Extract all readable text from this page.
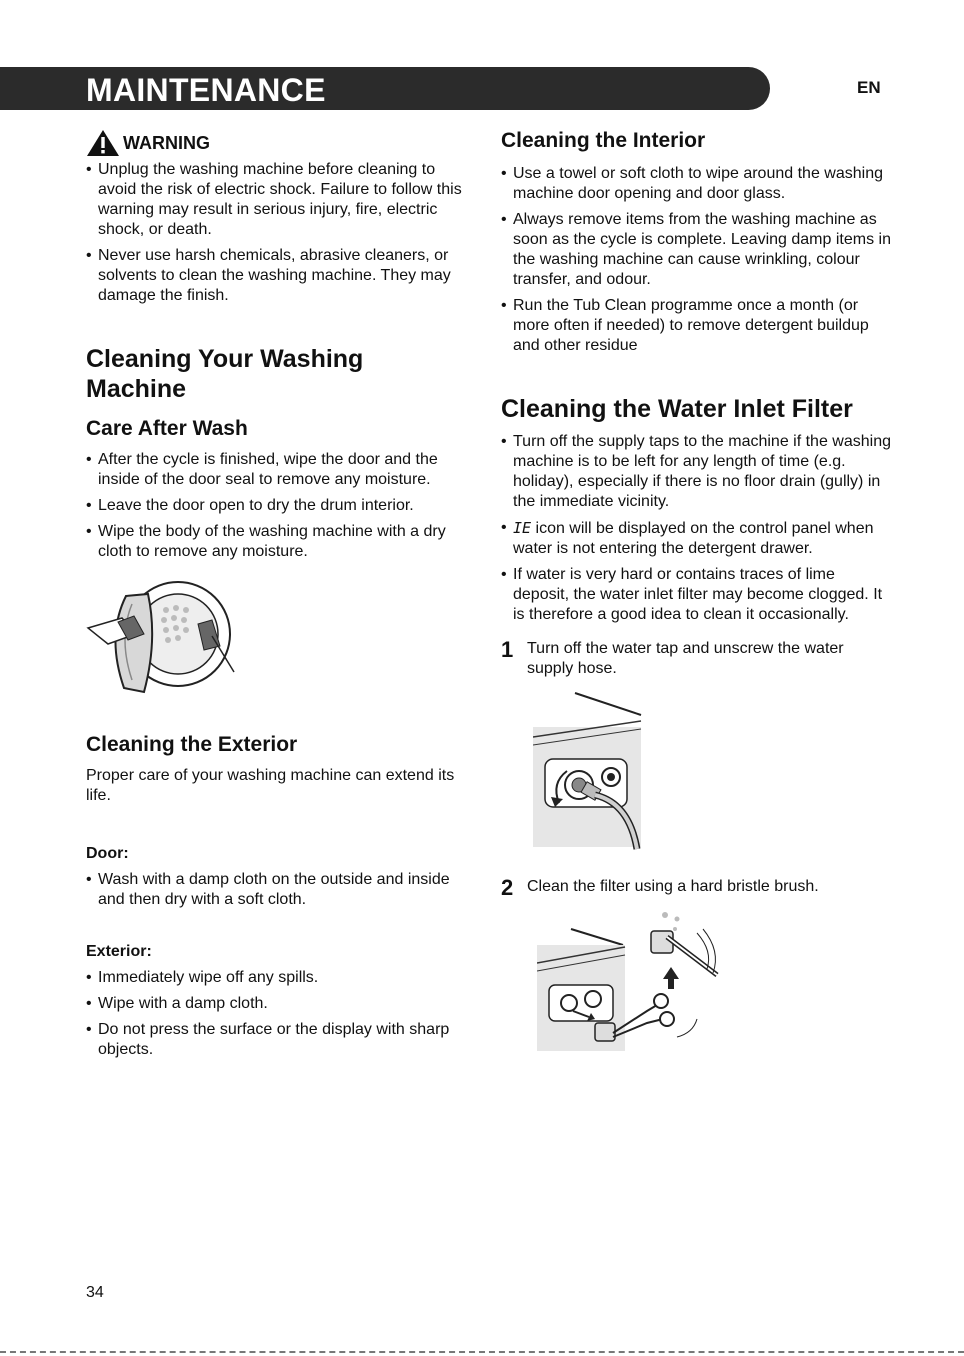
MAINTENANCE	EN
WARNING
• Unplug the washing machine before cleaning to avoid the risk of electric shock. Failure to follow this warning may result in serious injury, fire, electric shock, or death.
• Never use harsh chemicals, abrasive cleaners, or solvents to clean the washing machine. They may damage the finish.
Cleaning Your Washing
Machine
Care After Wash
• After the cycle is finished, wipe the door and the inside of the door seal to remove any moisture.
• Leave the door open to dry the drum interior.
• Wipe the body of the washing machine with a dry cloth to remove any moisture.
Cleaning the Exterior

Proper care of your washing machine can extend its life.

Door:
• Wash with a damp cloth on the outside and inside and then dry with a soft cloth.
Exterior:
• Immediately wipe off any spills.
• Wipe with a damp cloth.
• Do not press the surface or the display with sharp objects.
Cleaning the Interior
• Use a towel or soft cloth to wipe around the washing machine door opening and door glass.
• Always remove items from the washing machine as soon as the cycle is complete. Leaving damp items in the washing machine can cause wrinkling, colour transfer, and odour.
• Run the Tub Clean programme once a month (or more often if needed) to remove detergent buildup and other residue
Cleaning the Water Inlet Filter
• Turn off the supply taps to the machine if the washing machine is to be left for any length of time (e.g. holiday), especially if there is no floor drain (gully) in the immediate vicinity.
• IE icon will be displayed on the control panel when water is not entering the detergent drawer.
• If water is very hard or contains traces of lime deposit, the water inlet filter may become clogged. It is therefore a good idea to clean it occasionally.
1 Turn off the water tap and unscrew the water supply hose.
2 Clean the filter using a hard bristle brush.
34
